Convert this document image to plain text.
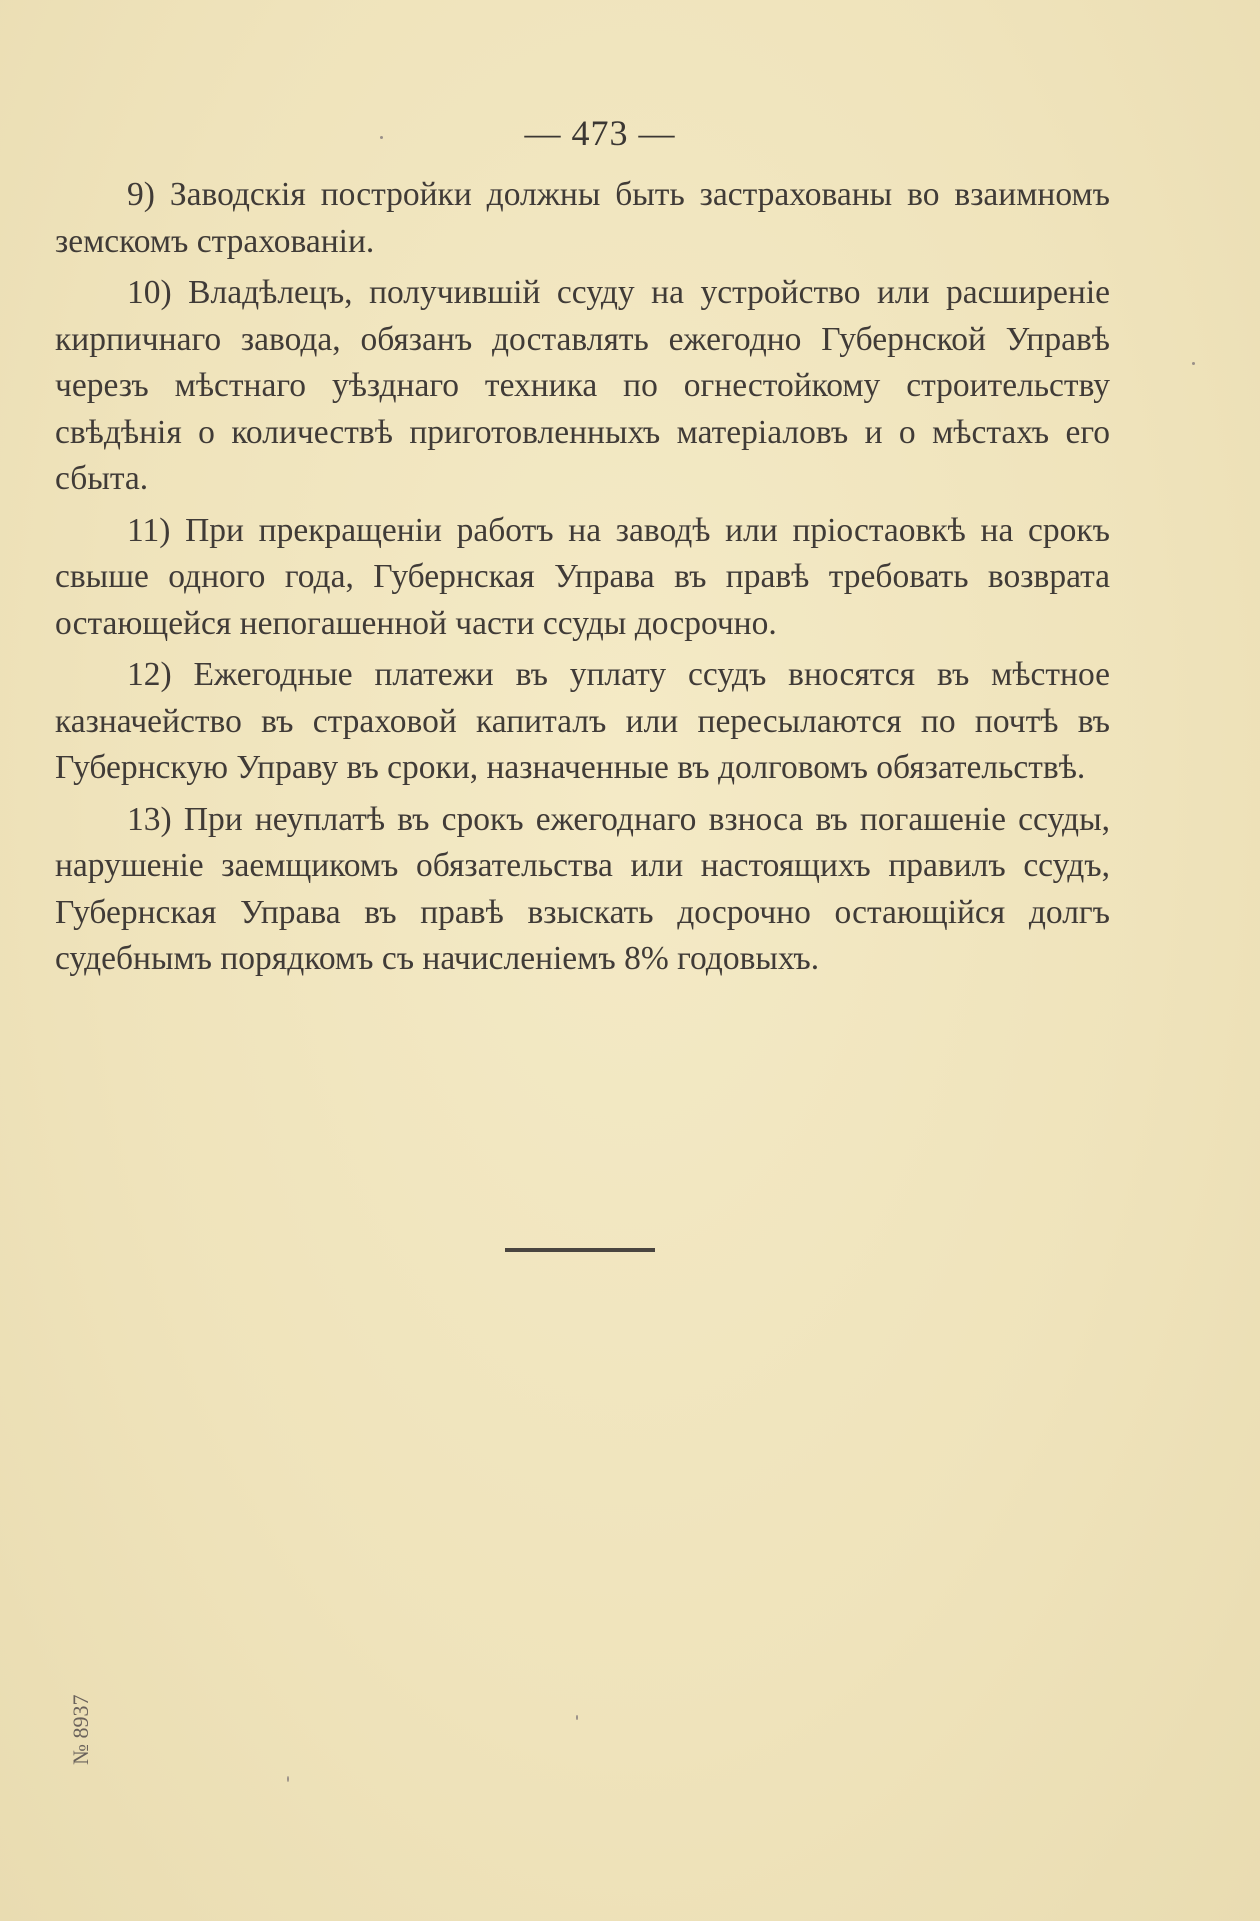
— 473 —

9) Заводскія постройки должны быть застрахованы во взаимномъ земскомъ страхованіи.

10) Владѣлецъ, получившій ссуду на устройство или расширеніе кирпичнаго завода, обязанъ доставлять ежегодно Губернской Управѣ черезъ мѣстнаго уѣзднаго техника по огнестойкому строительству свѣдѣнія о количествѣ приготовленныхъ матеріаловъ и о мѣстахъ его сбыта.

11) При прекращеніи работъ на заводѣ или пріостаовкѣ на срокъ свыше одного года, Губернская Управа въ правѣ требовать возврата остающейся непогашенной части ссуды досрочно.

12) Ежегодные платежи въ уплату ссудъ вносятся въ мѣстное казначейство въ страховой капиталъ или пересылаются по почтѣ въ Губернскую Управу въ сроки, назначенные въ долговомъ обязательствѣ.

13) При неуплатѣ въ срокъ ежегоднаго взноса въ погашеніе ссуды, нарушеніе заемщикомъ обязательства или настоящихъ правилъ ссудъ, Губернская Управа въ правѣ взыскать досрочно остающійся долгъ судебнымъ порядкомъ съ начисленіемъ 8% годовыхъ.

№ 8937
